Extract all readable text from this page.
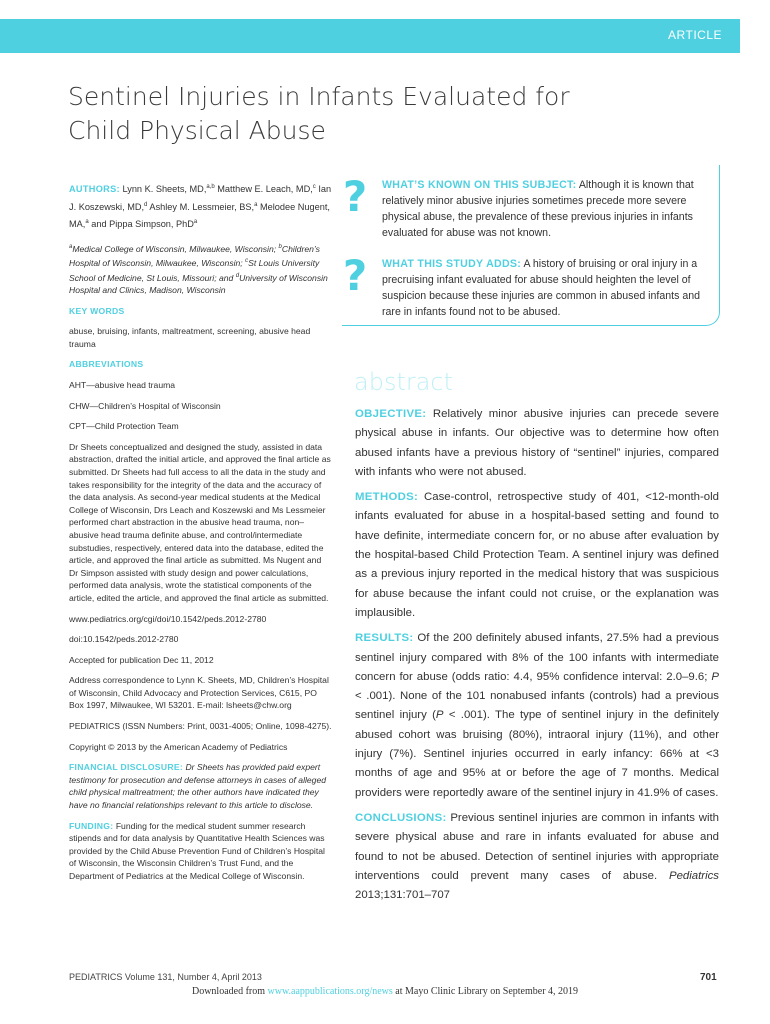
ARTICLE
Sentinel Injuries in Infants Evaluated for Child Physical Abuse

AUTHORS: Lynn K. Sheets, MD,$^{a,b}$ Matthew E. Leach, MD,$^c$ Ian J. Koszewski, MD,$^d$ Ashley M. Lessmeier, BS,$^a$ Melodee Nugent, MA,$^a$ and Pippa Simpson, PhD$^a$

$^a$Medical College of Wisconsin, Milwaukee, Wisconsin; $^b$Children’s Hospital of Wisconsin, Milwaukee, Wisconsin; $^c$St Louis University School of Medicine, St Louis, Missouri; and $^d$University of Wisconsin Hospital and Clinics, Madison, Wisconsin

KEY WORDS

abuse, bruising, infants, maltreatment, screening, abusive head trauma

ABBREVIATIONS

AHT—abusive head trauma

CHW—Children’s Hospital of Wisconsin

CPT—Child Protection Team

Dr Sheets conceptualized and designed the study, assisted in data abstraction, drafted the initial article, and approved the final article as submitted. Dr Sheets had full access to all the data in the study and takes responsibility for the integrity of the data and the accuracy of the data analysis. As second-year medical students at the Medical College of Wisconsin, Drs Leach and Koszewski and Ms Lessmeier performed chart abstraction in the abusive head trauma, non–abusive head trauma definite abuse, and control/intermediate substudies, respectively, entered data into the database, edited the article, and approved the final article as submitted. Ms Nugent and Dr Simpson assisted with study design and power calculations, performed data analysis, wrote the statistical components of the article, edited the article, and approved the final article as submitted.

www.pediatrics.org/cgi/doi/10.1542/peds.2012-2780

doi:10.1542/peds.2012-2780

Accepted for publication Dec 11, 2012

Address correspondence to Lynn K. Sheets, MD, Children’s Hospital of Wisconsin, Child Advocacy and Protection Services, C615, PO Box 1997, Milwaukee, WI 53201. E-mail: lsheets@chw.org

PEDIATRICS (ISSN Numbers: Print, 0031-4005; Online, 1098-4275).

Copyright © 2013 by the American Academy of Pediatrics

FINANCIAL DISCLOSURE: Dr Sheets has provided paid expert testimony for prosecution and defense attorneys in cases of alleged child physical maltreatment; the other authors have indicated they have no financial relationships relevant to this article to disclose.

FUNDING: Funding for the medical student summer research stipends and for data analysis by Quantitative Health Sciences was provided by the Child Abuse Prevention Fund of Children’s Hospital of Wisconsin, the Wisconsin Children’s Trust Fund, and the Department of Pediatrics at the Medical College of Wisconsin.

? WHAT’S KNOWN ON THIS SUBJECT: Although it is known that relatively minor abusive injuries sometimes precede more severe physical abuse, the prevalence of these previous injuries in infants evaluated for abuse was not known.
? WHAT THIS STUDY ADDS: A history of bruising or oral injury in a precruising infant evaluated for abuse should heighten the level of suspicion because these injuries are common in abused infants and rare in infants found not to be abused.
abstract

OBJECTIVE: Relatively minor abusive injuries can precede severe physical abuse in infants. Our objective was to determine how often abused infants have a previous history of “sentinel” injuries, compared with infants who were not abused.

METHODS: Case-control, retrospective study of 401, <12-month-old infants evaluated for abuse in a hospital-based setting and found to have definite, intermediate concern for, or no abuse after evaluation by the hospital-based Child Protection Team. A sentinel injury was defined as a previous injury reported in the medical history that was suspicious for abuse because the infant could not cruise, or the explanation was implausible.

RESULTS: Of the 200 definitely abused infants, 27.5% had a previous sentinel injury compared with 8% of the 100 infants with intermediate concern for abuse (odds ratio: 4.4, 95% confidence interval: 2.0–9.6; P < .001). None of the 101 nonabused infants (controls) had a previous sentinel injury (P < .001). The type of sentinel injury in the definitely abused cohort was bruising (80%), intraoral injury (11%), and other injury (7%). Sentinel injuries occurred in early infancy: 66% at <3 months of age and 95% at or before the age of 7 months. Medical providers were reportedly aware of the sentinel injury in 41.9% of cases.

CONCLUSIONS: Previous sentinel injuries are common in infants with severe physical abuse and rare in infants evaluated for abuse and found to not be abused. Detection of sentinel injuries with appropriate interventions could prevent many cases of abuse. Pediatrics 2013;131:701–707

PEDIATRICS Volume 131, Number 4, April 2013	701
Downloaded from www.aappublications.org/news at Mayo Clinic Library on September 4, 2019
